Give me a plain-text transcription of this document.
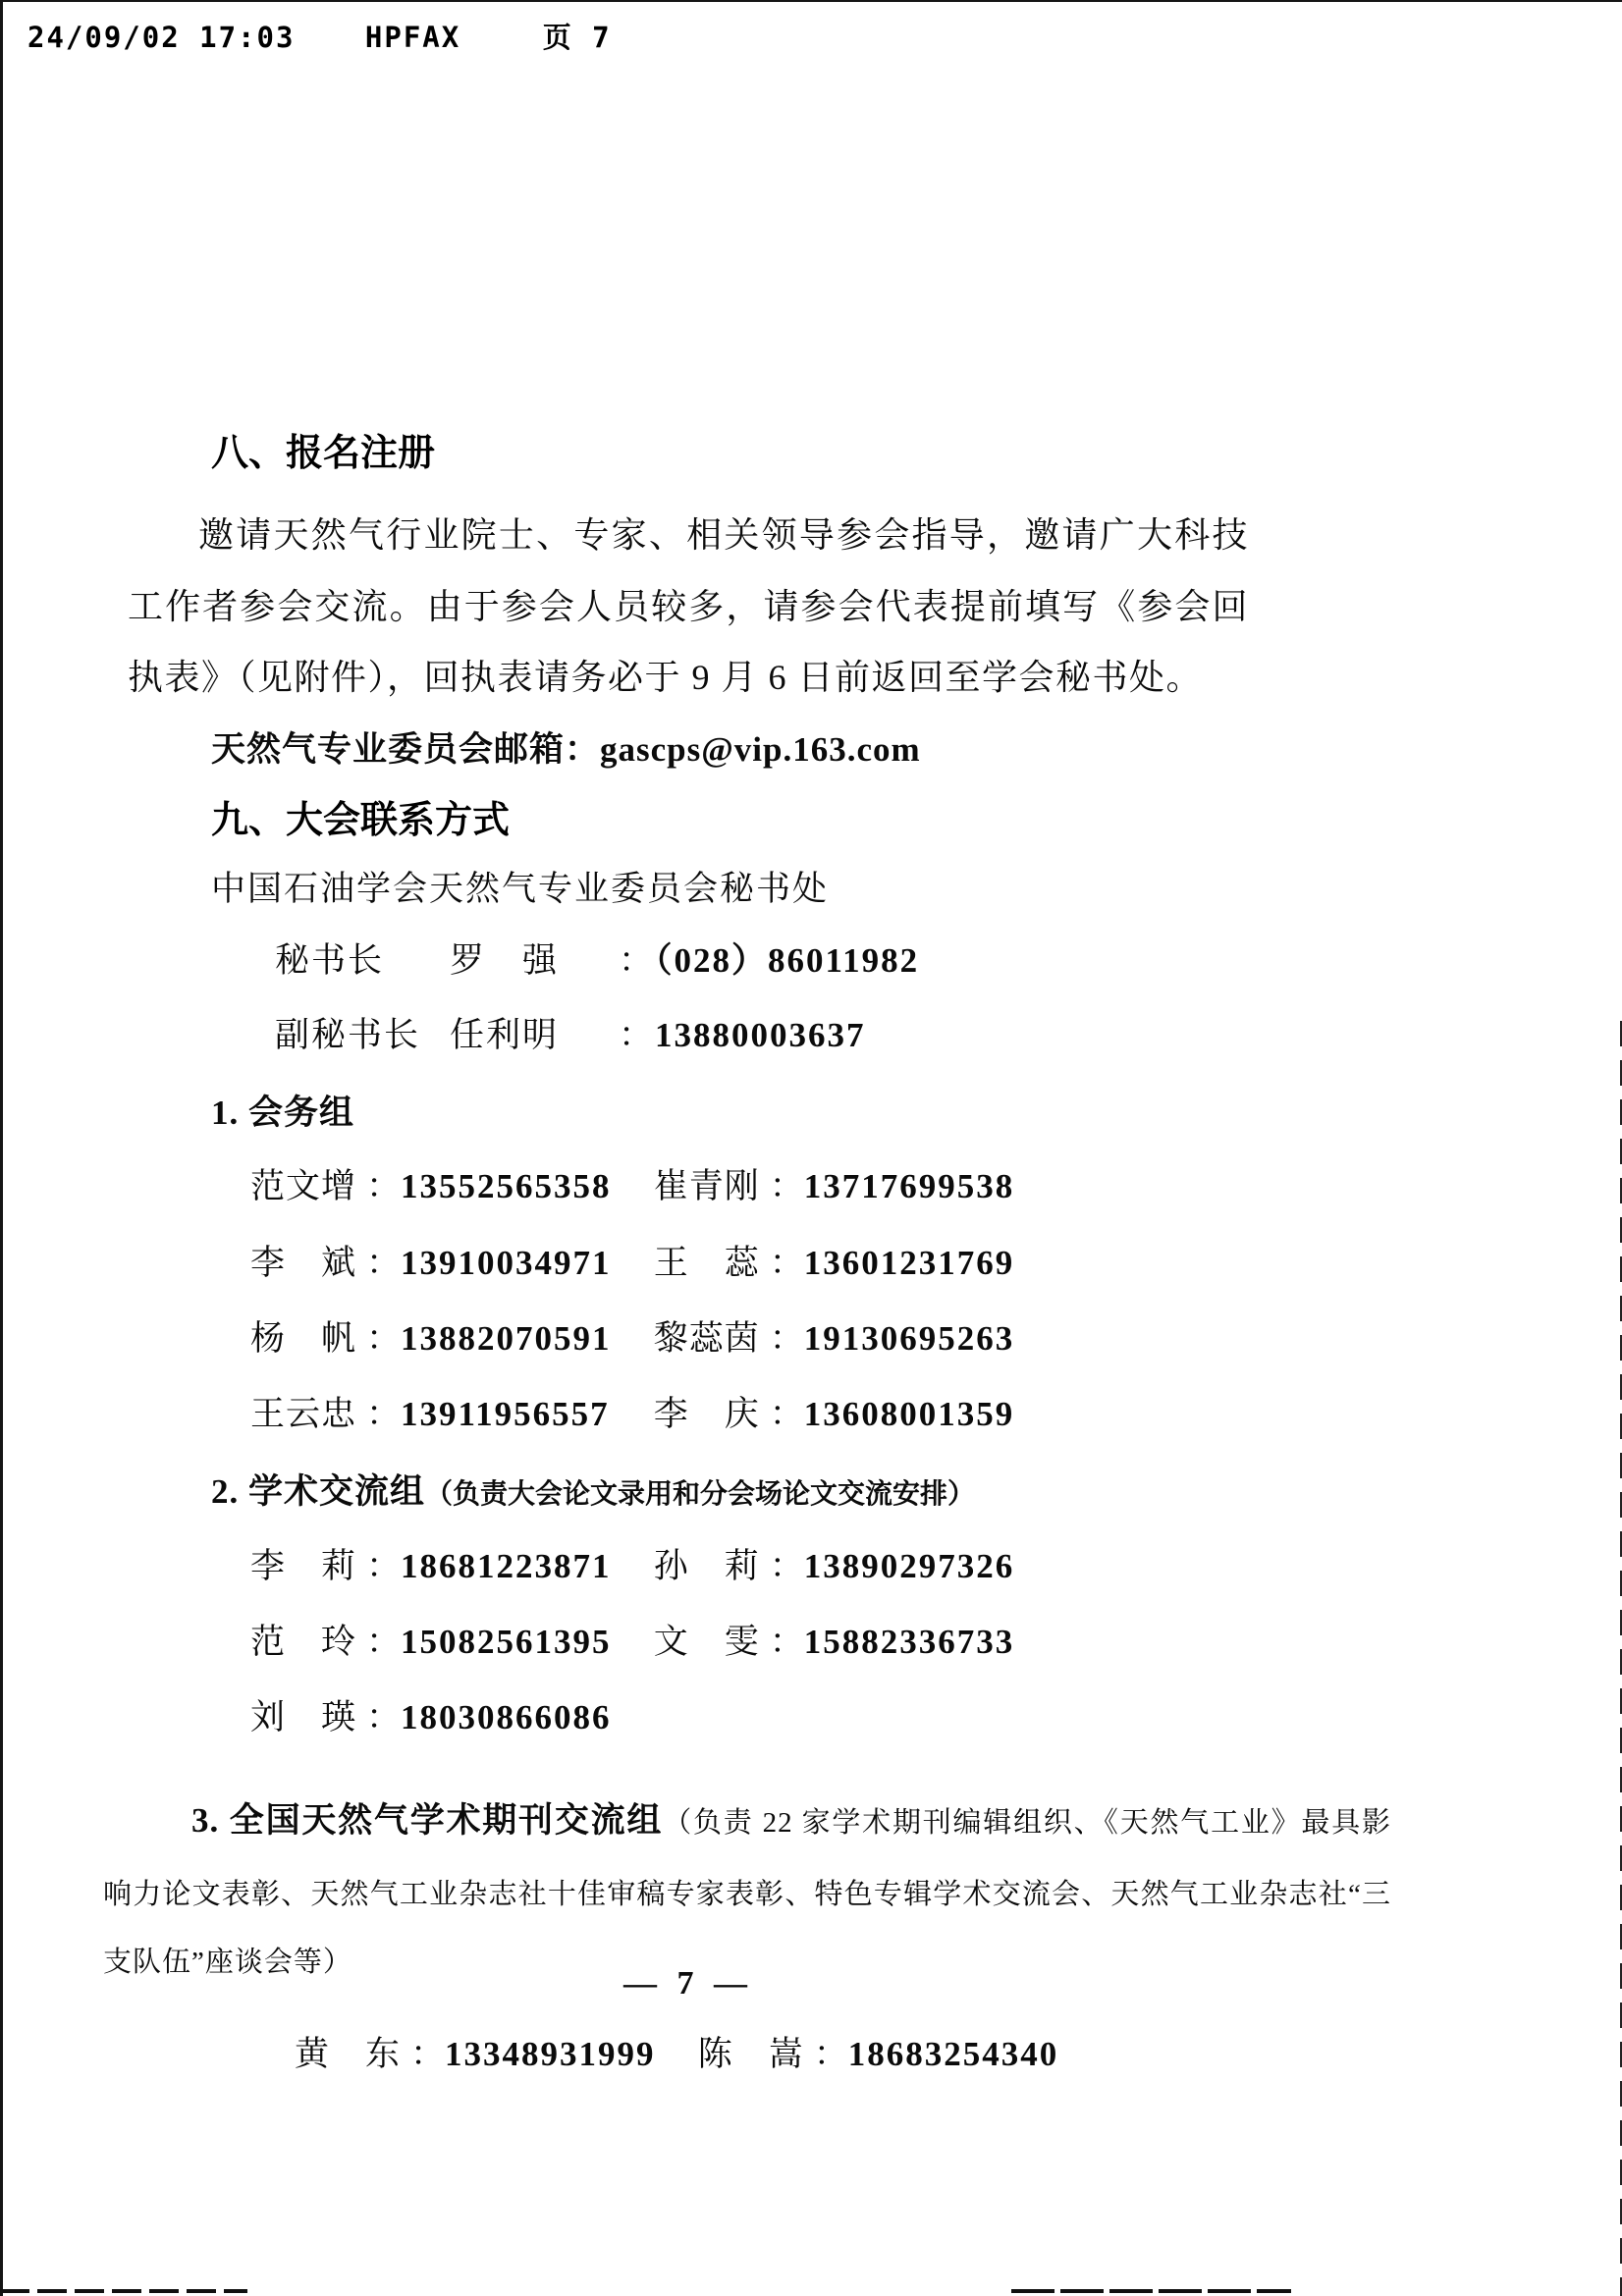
24/09/02 17:03 HPFAX	页 7
八、报名注册

邀请天然气行业院士、专家、相关领导参会指导，邀请广大科技工作者参会交流。由于参会人员较多，请参会代表提前填写《参会回执表》（见附件），回执表请务必于 9 月 6 日前返回至学会秘书处。

天然气专业委员会邮箱：gascps@vip.163.com
九、大会联系方式
中国石油学会天然气专业委员会秘书处
秘书长 罗　强 ：（028）86011982
副秘书长 任利明 ：13880003637
1. 会务组
范文增 ：13552565358 崔青刚 ：13717699538
李　斌 ：13910034971 王　蕊 ：13601231769
杨　帆 ：13882070591 黎蕊茵 ：19130695263
王云忠 ：13911956557 李　庆 ：13608001359
2. 学术交流组（负责大会论文录用和分会场论文交流安排）
李　莉 ：18681223871 孙　莉 ：13890297326
范　玲 ：15082561395 文　雯 ：15882336733
刘　瑛 ：18030866086
3. 全国天然气学术期刊交流组（负责 22 家学术期刊编辑组织、《天然气工业》最具影响力论文表彰、天然气工业杂志社十佳审稿专家表彰、特色专辑学术交流会、天然气工业杂志社“三支队伍”座谈会等）
黄　东 ：13348931999 陈　嵩 ：18683254340
— 7 —
